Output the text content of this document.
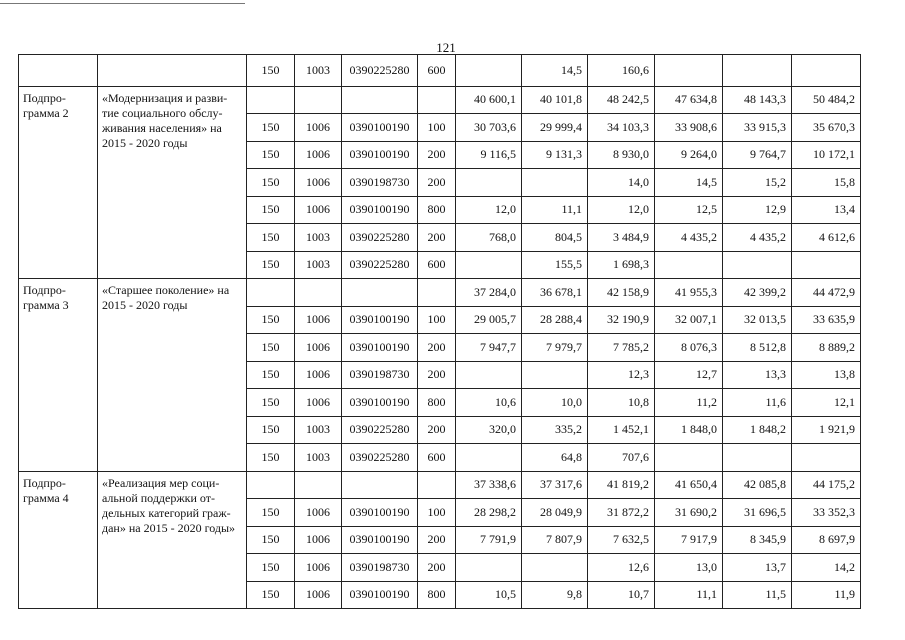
121
		150	1003	0390225280	600		14,5	160,6			
Подпро-
грамма 2	«Модернизация и разви-
тие социального обслу-
живания населения» на
2015 - 2020 годы					40 600,1	40 101,8	48 242,5	47 634,8	48 143,3	50 484,2
		150	1006	0390100190	100	30 703,6	29 999,4	34 103,3	33 908,6	33 915,3	35 670,3
		150	1006	0390100190	200	9 116,5	9 131,3	8 930,0	9 264,0	9 764,7	10 172,1
		150	1006	0390198730	200			14,0	14,5	15,2	15,8
		150	1006	0390100190	800	12,0	11,1	12,0	12,5	12,9	13,4
		150	1003	0390225280	200	768,0	804,5	3 484,9	4 435,2	4 435,2	4 612,6
		150	1003	0390225280	600		155,5	1 698,3			
Подпро-
грамма 3	«Старшее поколение» на
2015 - 2020 годы					37 284,0	36 678,1	42 158,9	41 955,3	42 399,2	44 472,9
		150	1006	0390100190	100	29 005,7	28 288,4	32 190,9	32 007,1	32 013,5	33 635,9
		150	1006	0390100190	200	7 947,7	7 979,7	7 785,2	8 076,3	8 512,8	8 889,2
		150	1006	0390198730	200			12,3	12,7	13,3	13,8
		150	1006	0390100190	800	10,6	10,0	10,8	11,2	11,6	12,1
		150	1003	0390225280	200	320,0	335,2	1 452,1	1 848,0	1 848,2	1 921,9
		150	1003	0390225280	600		64,8	707,6			
Подпро-
грамма 4	«Реализация мер соци-
альной поддержки от-
дельных категорий граж-
дан» на 2015 - 2020 годы»					37 338,6	37 317,6	41 819,2	41 650,4	42 085,8	44 175,2
		150	1006	0390100190	100	28 298,2	28 049,9	31 872,2	31 690,2	31 696,5	33 352,3
		150	1006	0390100190	200	7 791,9	7 807,9	7 632,5	7 917,9	8 345,9	8 697,9
		150	1006	0390198730	200			12,6	13,0	13,7	14,2
		150	1006	0390100190	800	10,5	9,8	10,7	11,1	11,5	11,9
